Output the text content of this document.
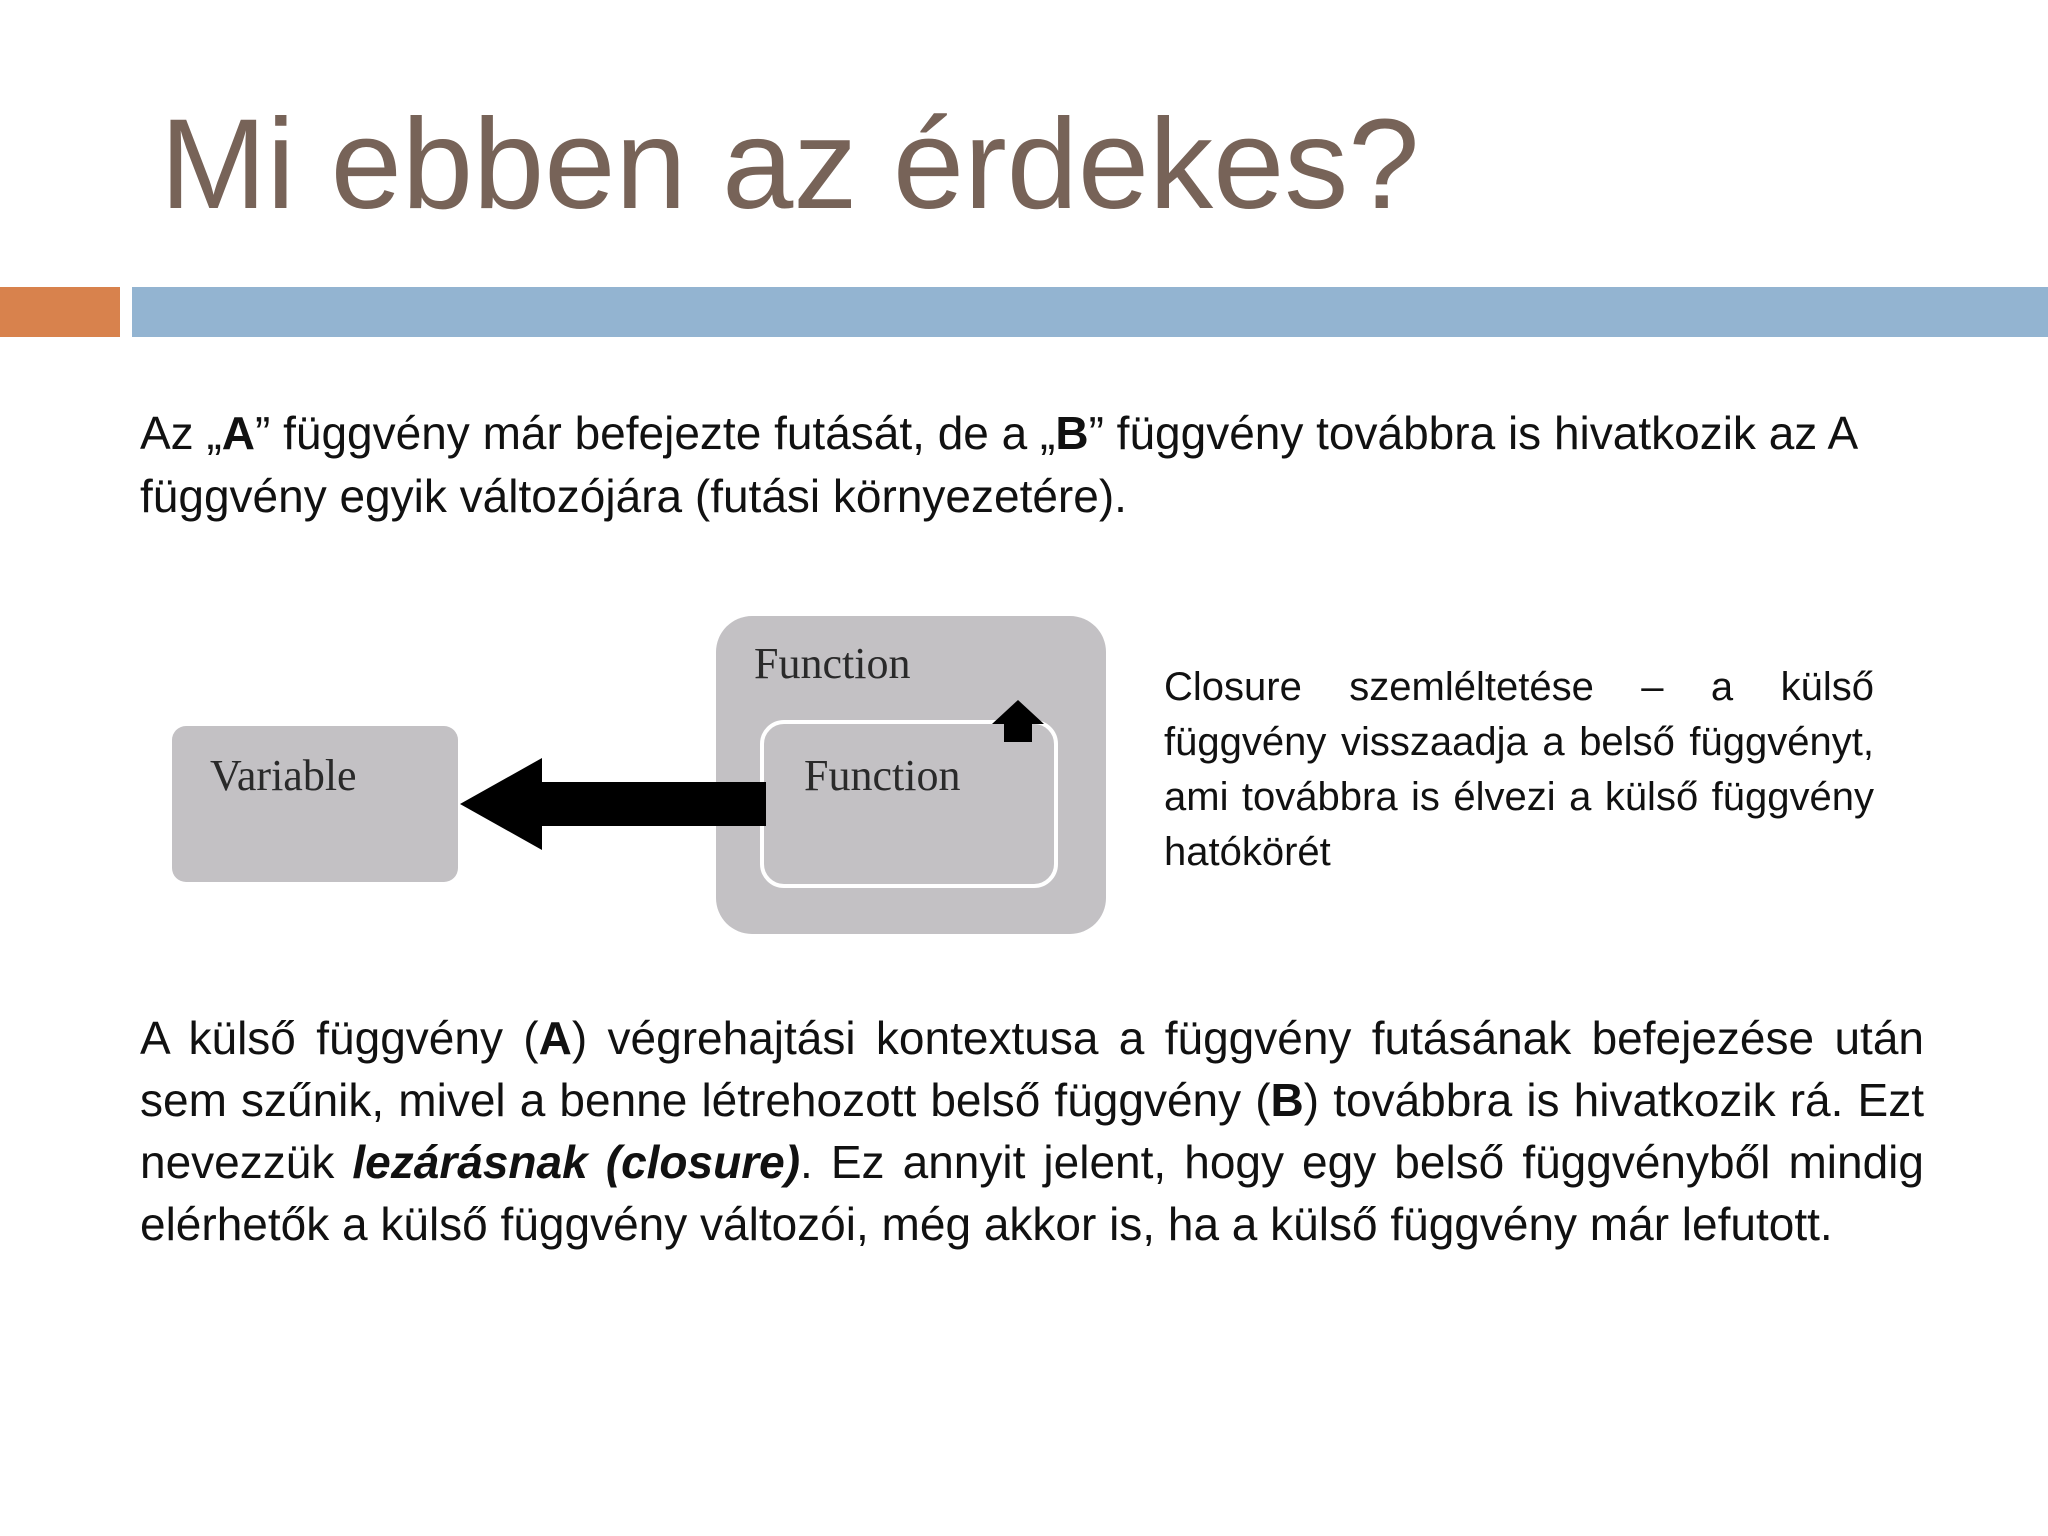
Mi ebben az érdekes?

Az „A” függvény már befejezte futását, de a „B” függvény továbbra is hivatkozik az A függvény egyik változójára (futási környezetére).

Variable
Function
Function
Closure szemléltetése – a külső függvény visszaadja a belső függvényt, ami továbbra is élvezi a külső függvény hatókörét

A külső függvény (A) végrehajtási kontextusa a függvény futásának befejezése után sem szűnik, mivel a benne létrehozott belső függvény (B) továbbra is hivatkozik rá. Ezt nevezzük lezárásnak (closure). Ez annyit jelent, hogy egy belső függvényből mindig elérhetők a külső függvény változói, még akkor is, ha a külső függvény már lefutott.
